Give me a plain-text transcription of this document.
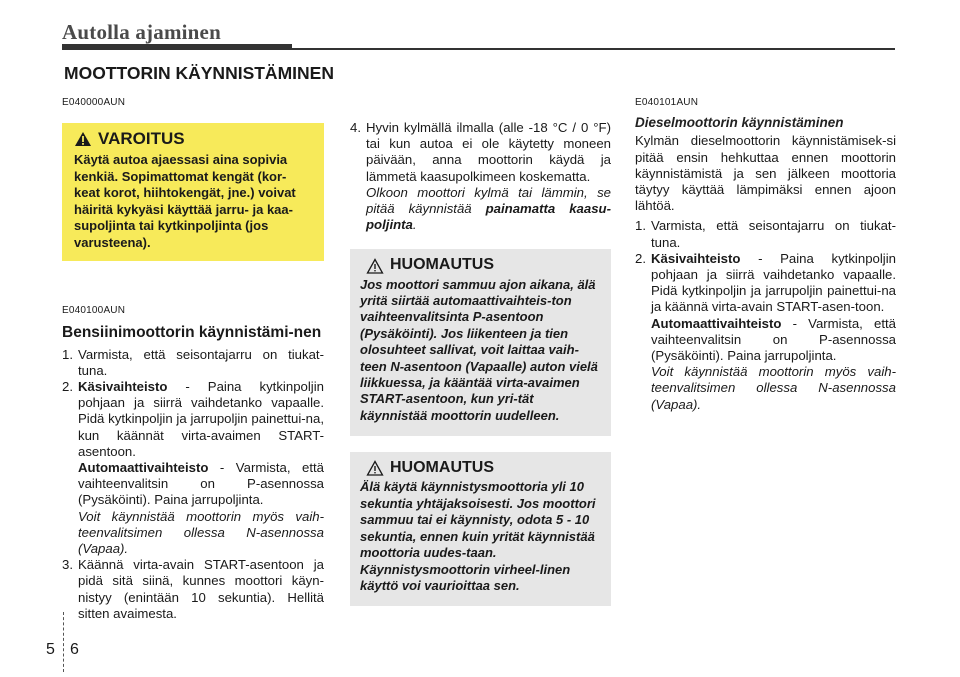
Autolla ajaminen
MOOTTORIN KÄYNNISTÄMINEN
E040000AUN
VAROITUS
Käytä autoa ajaessasi aina sopivia kenkiä. Sopimattomat kengät (kor-keat korot, hiihtokengät, jne.) voivat häiritä kykyäsi käyttää jarru- ja kaa-supoljinta tai kytkinpoljinta (jos varusteena).
E040100AUN
Bensiinimoottorin käynnistämi-nen
1. Varmista, että seisontajarru on tiukat-tuna.
2. Käsivaihteisto - Paina kytkinpoljin pohjaan ja siirrä vaihdetanko vapaalle. Pidä kytkinpoljin ja jarrupoljin painettui-na, kun käännät virta-avaimen START-asentoon.
Automaattivaihteisto - Varmista, että vaihteenvalitsin on P-asennossa (Pysäköinti). Paina jarrupoljinta.
Voit käynnistää moottorin myös vaih-teenvalitsimen ollessa N-asennossa (Vapaa).
3. Käännä virta-avain START-asentoon ja pidä sitä siinä, kunnes moottori käyn-nistyy (enintään 10 sekuntia). Hellitä sitten avaimesta.
4. Hyvin kylmällä ilmalla (alle -18 °C / 0 °F) tai kun autoa ei ole käytetty moneen päivään, anna moottorin käydä ja lämmetä kaasupolkimeen koskematta.
Olkoon moottori kylmä tai lämmin, se pitää käynnistää painamatta kaasu-poljinta.
HUOMAUTUS
Jos moottori sammuu ajon aikana, älä yritä siirtää automaattivaihteis-ton vaihteenvalitsinta P-asentoon (Pysäköinti). Jos liikenteen ja tien olosuhteet sallivat, voit laittaa vaih-teen N-asentoon (Vapaalle) auton vielä liikkuessa, ja kääntää virta-avaimen START-asentoon, kun yri-tät käynnistää moottorin uudelleen.
HUOMAUTUS
Älä käytä käynnistysmoottoria yli 10 sekuntia yhtäjaksoisesti. Jos moottori sammuu tai ei käynnisty, odota 5 - 10 sekuntia, ennen kuin yrität käynnistää moottoria uudes-taan. Käynnistysmoottorin virheel-linen käyttö voi vaurioittaa sen.
E040101AUN
Dieselmoottorin käynnistäminen
Kylmän dieselmoottorin käynnistämisek-si pitää ensin hehkuttaa ennen moottorin käynnistämistä ja sen jälkeen moottoria täytyy käyttää lämpimäksi ennen ajoon lähtöä.
1. Varmista, että seisontajarru on tiukat-tuna.
2. Käsivaihteisto - Paina kytkinpoljin pohjaan ja siirrä vaihdetanko vapaalle. Pidä kytkinpoljin ja jarrupoljin painettui-na ja käännä virta-avain START-asen-toon.
Automaattivaihteisto - Varmista, että vaihteenvalitsin on P-asennossa (Pysäköinti). Paina jarrupoljinta.
Voit käynnistää moottorin myös vaih-teenvalitsimen ollessa N-asennossa (Vapaa).
5 6
